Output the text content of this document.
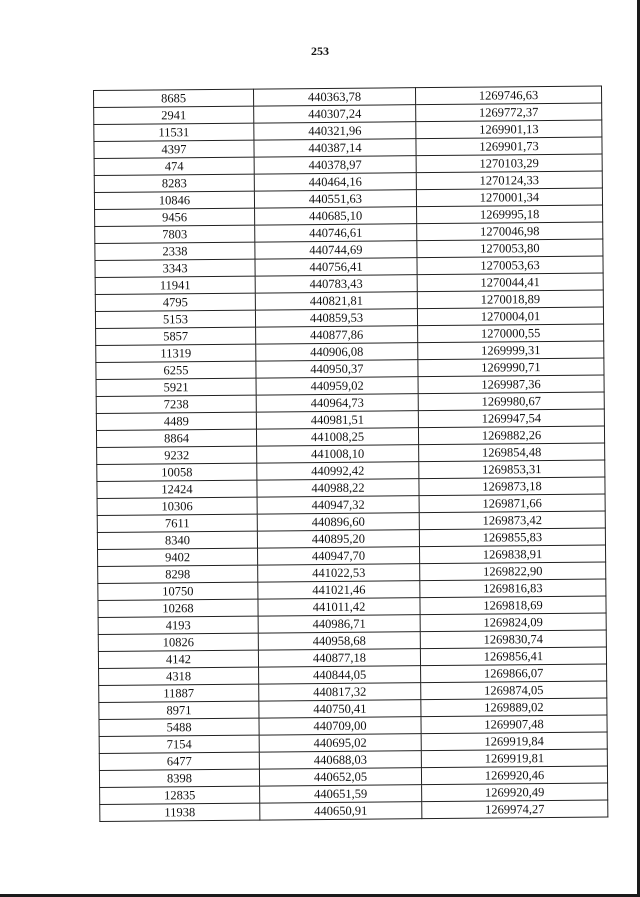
253
8685	440363,78	1269746,63
2941	440307,24	1269772,37
11531	440321,96	1269901,13
4397	440387,14	1269901,73
474	440378,97	1270103,29
8283	440464,16	1270124,33
10846	440551,63	1270001,34
9456	440685,10	1269995,18
7803	440746,61	1270046,98
2338	440744,69	1270053,80
3343	440756,41	1270053,63
11941	440783,43	1270044,41
4795	440821,81	1270018,89
5153	440859,53	1270004,01
5857	440877,86	1270000,55
11319	440906,08	1269999,31
6255	440950,37	1269990,71
5921	440959,02	1269987,36
7238	440964,73	1269980,67
4489	440981,51	1269947,54
8864	441008,25	1269882,26
9232	441008,10	1269854,48
10058	440992,42	1269853,31
12424	440988,22	1269873,18
10306	440947,32	1269871,66
7611	440896,60	1269873,42
8340	440895,20	1269855,83
9402	440947,70	1269838,91
8298	441022,53	1269822,90
10750	441021,46	1269816,83
10268	441011,42	1269818,69
4193	440986,71	1269824,09
10826	440958,68	1269830,74
4142	440877,18	1269856,41
4318	440844,05	1269866,07
11887	440817,32	1269874,05
8971	440750,41	1269889,02
5488	440709,00	1269907,48
7154	440695,02	1269919,84
6477	440688,03	1269919,81
8398	440652,05	1269920,46
12835	440651,59	1269920,49
11938	440650,91	1269974,27
